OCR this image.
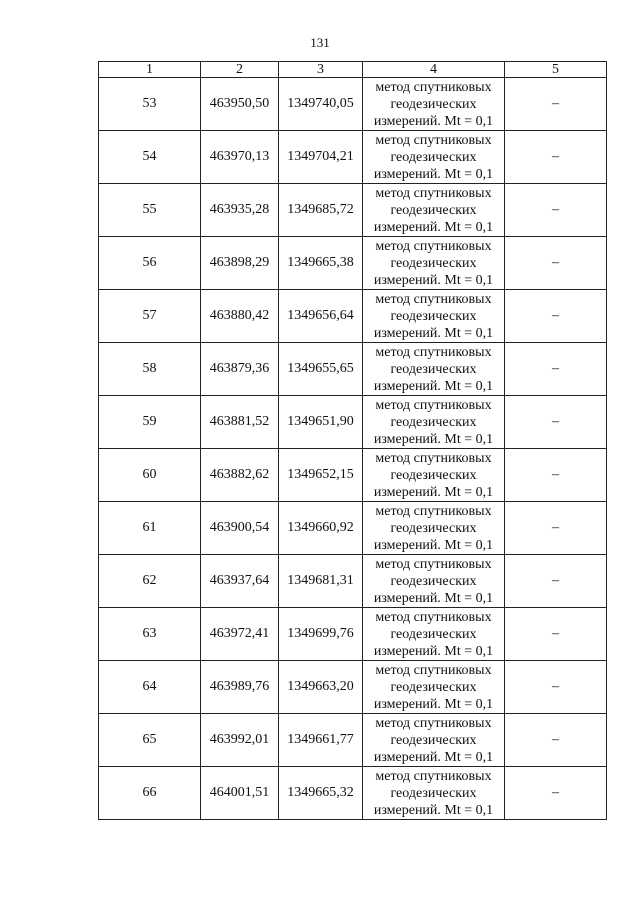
131
1	2	3	4	5
53	463950,50	1349740,05	метод спутниковых
геодезических
измерений. Mt = 0,1	–
54	463970,13	1349704,21	метод спутниковых
геодезических
измерений. Mt = 0,1	–
55	463935,28	1349685,72	метод спутниковых
геодезических
измерений. Mt = 0,1	–
56	463898,29	1349665,38	метод спутниковых
геодезических
измерений. Mt = 0,1	–
57	463880,42	1349656,64	метод спутниковых
геодезических
измерений. Mt = 0,1	–
58	463879,36	1349655,65	метод спутниковых
геодезических
измерений. Mt = 0,1	–
59	463881,52	1349651,90	метод спутниковых
геодезических
измерений. Mt = 0,1	–
60	463882,62	1349652,15	метод спутниковых
геодезических
измерений. Mt = 0,1	–
61	463900,54	1349660,92	метод спутниковых
геодезических
измерений. Mt = 0,1	–
62	463937,64	1349681,31	метод спутниковых
геодезических
измерений. Mt = 0,1	–
63	463972,41	1349699,76	метод спутниковых
геодезических
измерений. Mt = 0,1	–
64	463989,76	1349663,20	метод спутниковых
геодезических
измерений. Mt = 0,1	–
65	463992,01	1349661,77	метод спутниковых
геодезических
измерений. Mt = 0,1	–
66	464001,51	1349665,32	метод спутниковых
геодезических
измерений. Mt = 0,1	–
